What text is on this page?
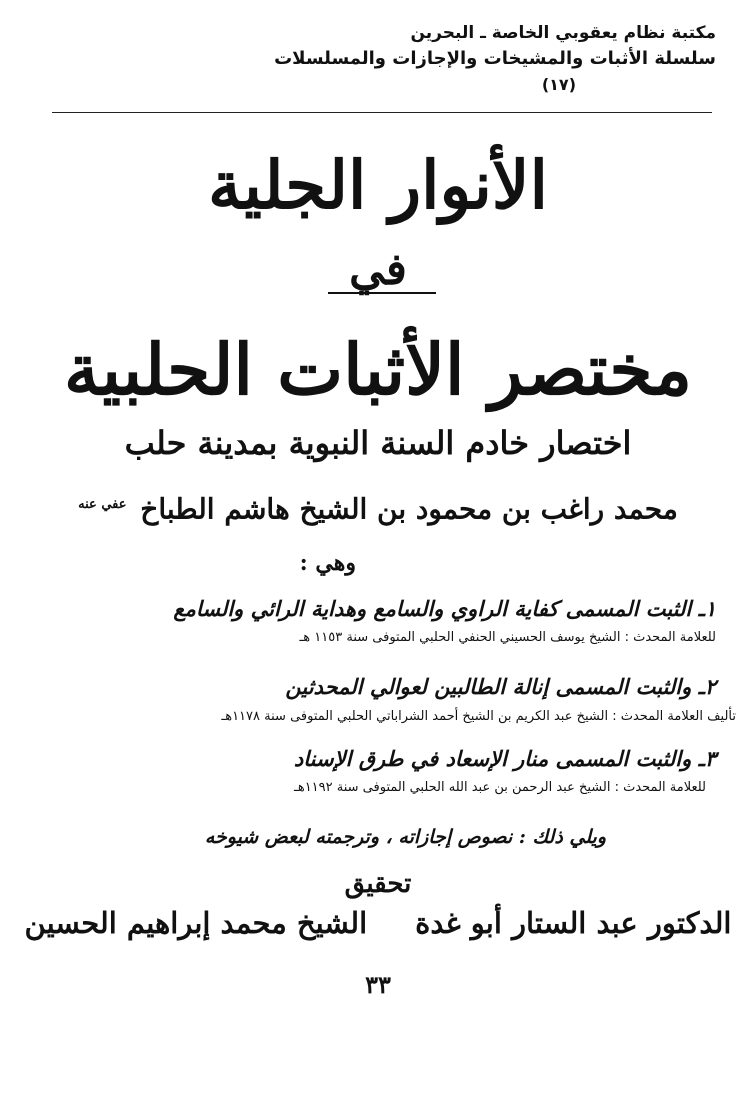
مكتبة نظام يعقوبي الخاصة ـ البحرين
سلسلة الأثبات والمشيخات والإجازات والمسلسلات
(١٧)
الأنوار الجلية
في
مختصر الأثبات الحلبية
اختصار خادم السنة النبوية بمدينة حلب
محمد راغب بن محمود بن الشيخ هاشم الطباخ $^{عفي عنه}$
وهي :
١ـ الثبت المسمى كفاية الراوي والسامع وهداية الرائي والسامع
للعلامة المحدث : الشيخ يوسف الحسيني الحنفي الحلبي المتوفى سنة ١١٥٣ هـ
٢ـ والثبت المسمى إنالة الطالبين لعوالي المحدثين
تأليف العلامة المحدث : الشيخ عبد الكريم بن الشيخ أحمد الشراباتي الحلبي المتوفى سنة ١١٧٨هـ
٣ـ والثبت المسمى منار الإسعاد في طرق الإسناد
للعلامة المحدث : الشيخ عبد الرحمن بن عبد الله الحلبي المتوفى سنة ١١٩٢هـ
ويلي ذلك : نصوص إجازاته ، وترجمته لبعض شيوخه
تحقيق
الدكتور عبد الستار أبو غدة
الشيخ محمد إبراهيم الحسين
٣٣
